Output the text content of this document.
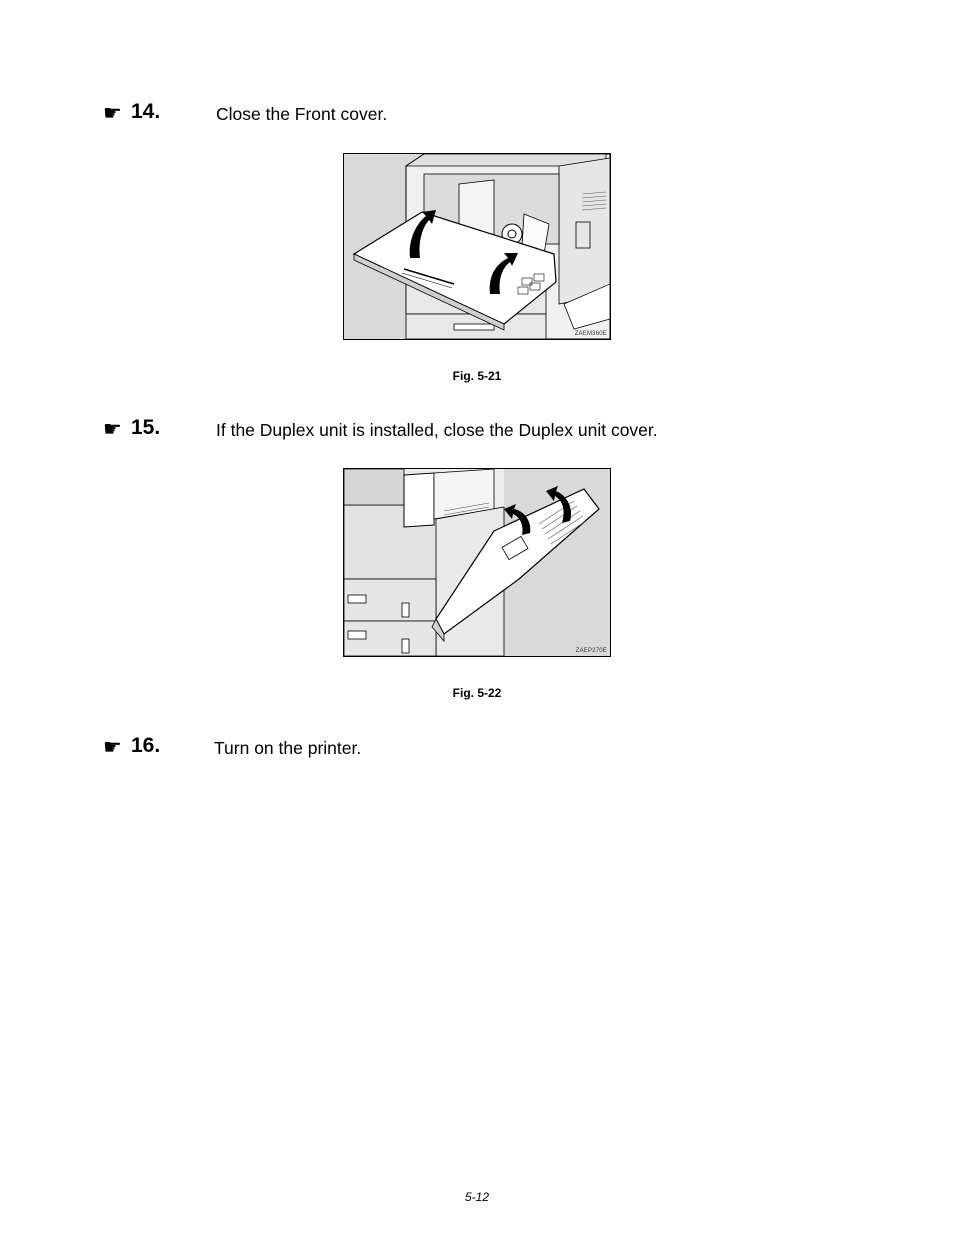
☛ 14.	Close the Front cover.
ZAEM360E
Fig. 5-21
☛ 15.	If the Duplex unit is installed, close the Duplex unit cover.
ZAEP270E
Fig. 5-22
☛ 16.	Turn on the printer.
5-12
